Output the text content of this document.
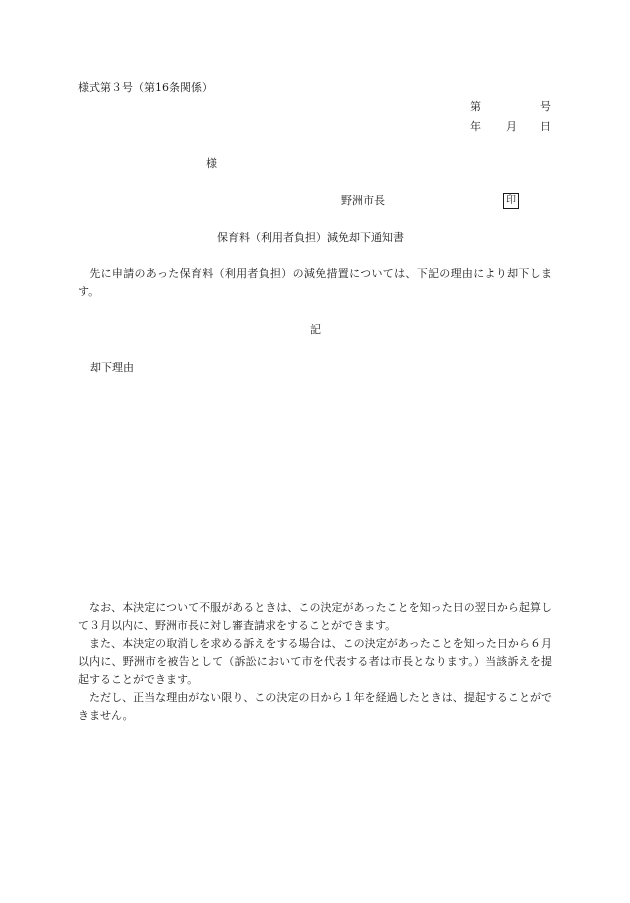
様式第３号（第16条関係）
第	号
年 月 日
様
野洲市長	印
保育料（利用者負担）減免却下通知書
　先に申請のあった保育料（利用者負担）の減免措置については、下記の理由により却下します。
記
却下理由
　なお、本決定について不服があるときは、この決定があったことを知った日の翌日から起算して３月以内に、野洲市長に対し審査請求をすることができます。
　また、本決定の取消しを求める訴えをする場合は、この決定があったことを知った日から６月以内に、野洲市を被告として（訴訟において市を代表する者は市長となります。）当該訴えを提起することができます。
　ただし、正当な理由がない限り、この決定の日から１年を経過したときは、提起することができません。
